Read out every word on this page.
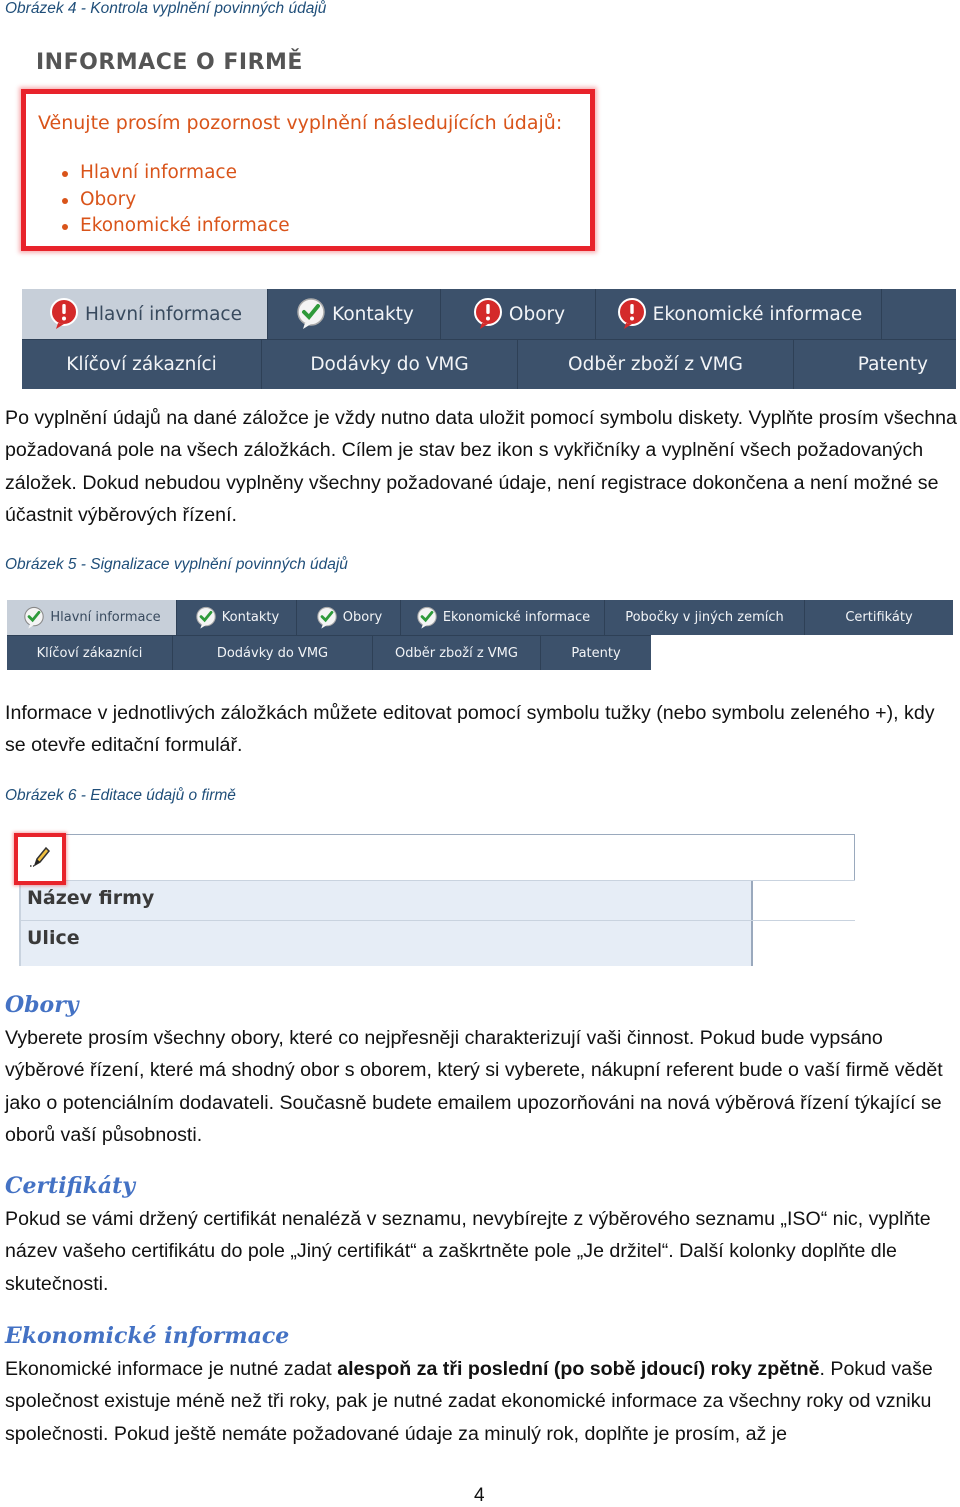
Obrázek 4 - Kontrola vyplnění povinných údajů
INFORMACE O FIRMĚ
Věnujte prosím pozornost vyplnění následujících údajů:
Hlavní informace
Obory
Ekonomické informace
Hlavní informace	Kontakty	Obory	Ekonomické informace
Klíčoví zákazníci	Dodávky do VMG	Odběr zboží z VMG	Patenty
Po vyplnění údajů na dané záložce je vždy nutno data uložit pomocí symbolu diskety. Vyplňte prosím všechna požadovaná pole na všech záložkách. Cílem je stav bez ikon s vykřičníky a vyplnění všech požadovaných záložek. Dokud nebudou vyplněny všechny požadované údaje, není registrace dokončena a není možné se účastnit výběrových řízení.
Obrázek 5 - Signalizace vyplnění povinných údajů
Hlavní informace	Kontakty	Obory	Ekonomické informace	Pobočky v jiných zemích	Certifikáty
Klíčoví zákazníci	Dodávky do VMG	Odběr zboží z VMG	Patenty
Informace v jednotlivých záložkách můžete editovat pomocí symbolu tužky (nebo symbolu zeleného +), kdy se otevře editační formulář.
Obrázek 6 - Editace údajů o firmě
Název firmy
Ulice
Obory
Vyberete prosím všechny obory, které co nejpřesněji charakterizují vaši činnost. Pokud bude vypsáno výběrové řízení, které má shodný obor s oborem, který si vyberete, nákupní referent bude o vaší firmě vědět jako o potenciálním dodavateli. Současně budete emailem upozorňováni na nová výběrová řízení týkající se oborů vaší působnosti.
Certifikáty
Pokud se vámi držený certifikát nenaléză v seznamu, nevybírejte z výběrového seznamu „ISO“ nic, vyplňte název vašeho certifikátu do pole „Jiný certifikát“ a zaškrtněte pole „Je držitel“. Další kolonky doplňte dle skutečnosti.
Ekonomické informace
Ekonomické informace je nutné zadat alespoň za tři poslední (po sobě jdoucí) roky zpětně. Pokud vaše společnost existuje méně než tři roky, pak je nutné zadat ekonomické informace za všechny roky od vzniku společnosti. Pokud ještě nemáte požadované údaje za minulý rok, doplňte je prosím, až je
4
